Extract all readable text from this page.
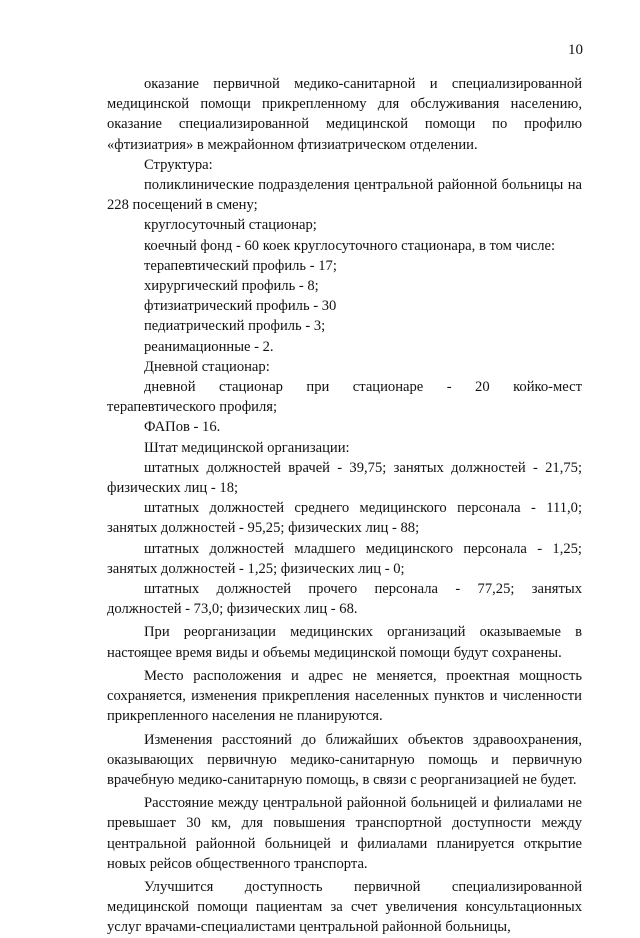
10

оказание первичной медико-санитарной и специализированной медицинской помощи прикрепленному для обслуживания населению, оказание специализированной медицинской помощи по профилю «фтизиатрия» в межрайонном фтизиатрическом отделении.

Структура:

поликлинические подразделения центральной районной больницы на 228 посещений в смену;

круглосуточный стационар;

коечный фонд - 60 коек круглосуточного стационара, в том числе:

терапевтический профиль - 17;

хирургический профиль - 8;

фтизиатрический профиль - 30

педиатрический профиль - 3;

реанимационные - 2.

Дневной стационар:

дневной стационар при стационаре - 20 койко-мест

терапевтического профиля;

ФАПов - 16.

Штат медицинской организации:

штатных должностей врачей - 39,75; занятых должностей - 21,75; физических лиц - 18;

штатных должностей среднего медицинского персонала - 111,0; занятых должностей - 95,25; физических лиц - 88;

штатных должностей младшего медицинского персонала - 1,25; занятых должностей - 1,25; физических лиц - 0;

штатных должностей прочего персонала - 77,25; занятых

должностей - 73,0; физических лиц - 68.

При реорганизации медицинских организаций оказываемые в настоящее время виды и объемы медицинской помощи будут сохранены.

Место расположения и адрес не меняется, проектная мощность сохраняется, изменения прикрепления населенных пунктов и численности прикрепленного населения не планируются.

Изменения расстояний до ближайших объектов здравоохранения, оказывающих первичную медико-санитарную помощь и первичную врачебную медико-санитарную помощь, в связи с реорганизацией не будет.

Расстояние между центральной районной больницей и филиалами не превышает 30 км, для повышения транспортной доступности между центральной районной больницей и филиалами планируется открытие новых рейсов общественного транспорта.

Улучшится доступность первичной специализированной медицинской помощи пациентам за счет увеличения консультационных услуг врачами-специалистами центральной районной больницы,
